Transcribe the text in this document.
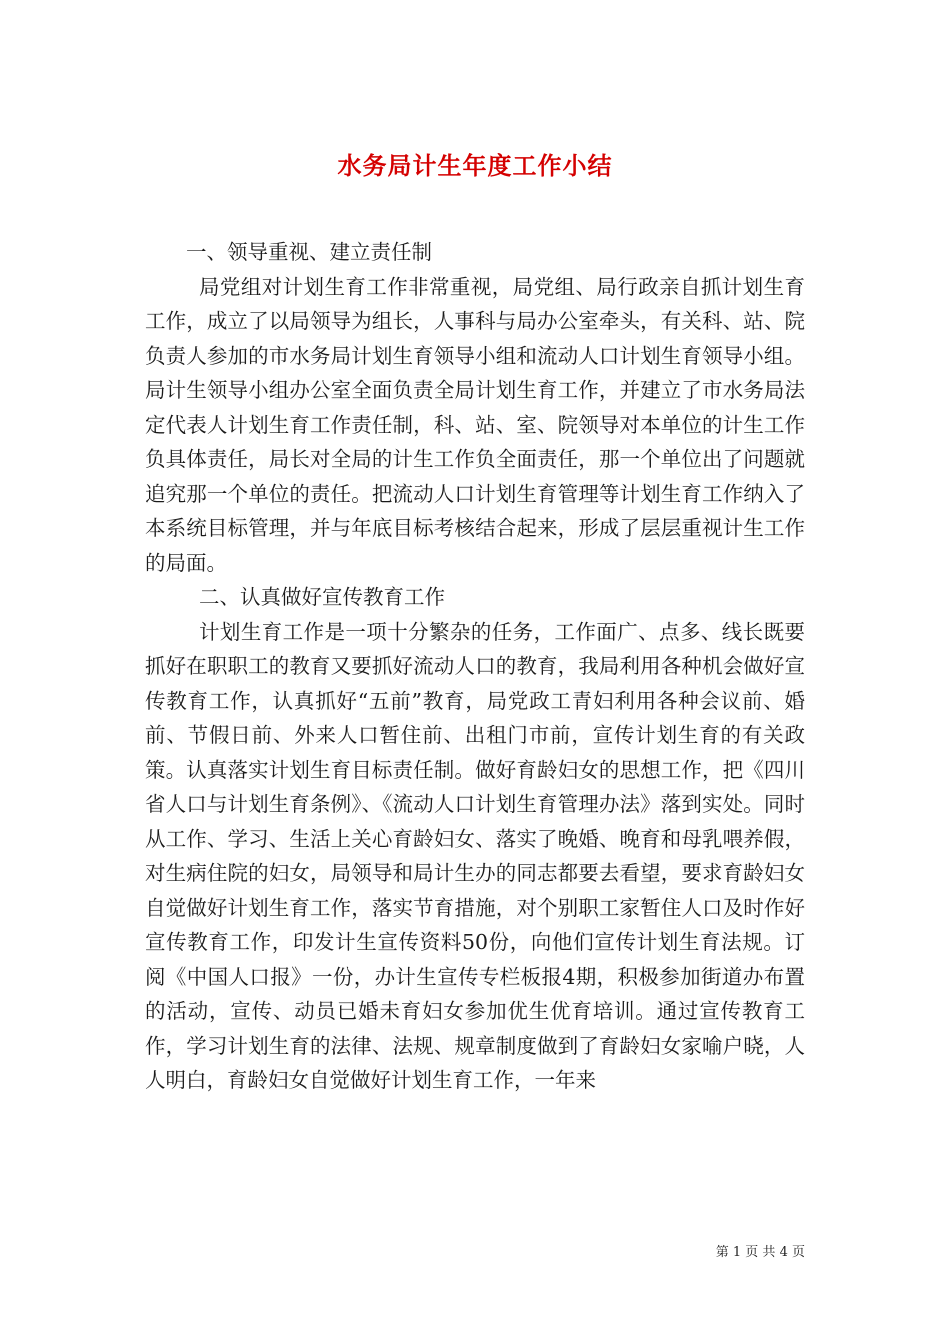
水务局计生年度工作小结

一、领导重视、建立责任制

局党组对计划生育工作非常重视，局党组、局行政亲自抓计划生育工作，成立了以局领导为组长，人事科与局办公室牵头，有关科、站、院负责人参加的市水务局计划生育领导小组和流动人口计划生育领导小组。局计生领导小组办公室全面负责全局计划生育工作，并建立了市水务局法定代表人计划生育工作责任制，科、站、室、院领导对本单位的计生工作负具体责任，局长对全局的计生工作负全面责任，那一个单位出了问题就追究那一个单位的责任。把流动人口计划生育管理等计划生育工作纳入了本系统目标管理，并与年底目标考核结合起来，形成了层层重视计生工作的局面。

二、认真做好宣传教育工作

计划生育工作是一项十分繁杂的任务，工作面广、点多、线长既要抓好在职职工的教育又要抓好流动人口的教育，我局利用各种机会做好宣传教育工作，认真抓好“五前”教育，局党政工青妇利用各种会议前、婚前、节假日前、外来人口暂住前、出租门市前，宣传计划生育的有关政策。认真落实计划生育目标责任制。做好育龄妇女的思想工作，把《四川省人口与计划生育条例》、《流动人口计划生育管理办法》落到实处。同时从工作、学习、生活上关心育龄妇女、落实了晚婚、晚育和母乳喂养假，对生病住院的妇女，局领导和局计生办的同志都要去看望，要求育龄妇女自觉做好计划生育工作，落实节育措施，对个别职工家暂住人口及时作好宣传教育工作，印发计生宣传资料50份，向他们宣传计划生育法规。订阅《中国人口报》一份，办计生宣传专栏板报4期，积极参加街道办布置的活动，宣传、动员已婚未育妇女参加优生优育培训。通过宣传教育工作，学习计划生育的法律、法规、规章制度做到了育龄妇女家喻户晓，人人明白，育龄妇女自觉做好计划生育工作，一年来

第 1 页 共 4 页
